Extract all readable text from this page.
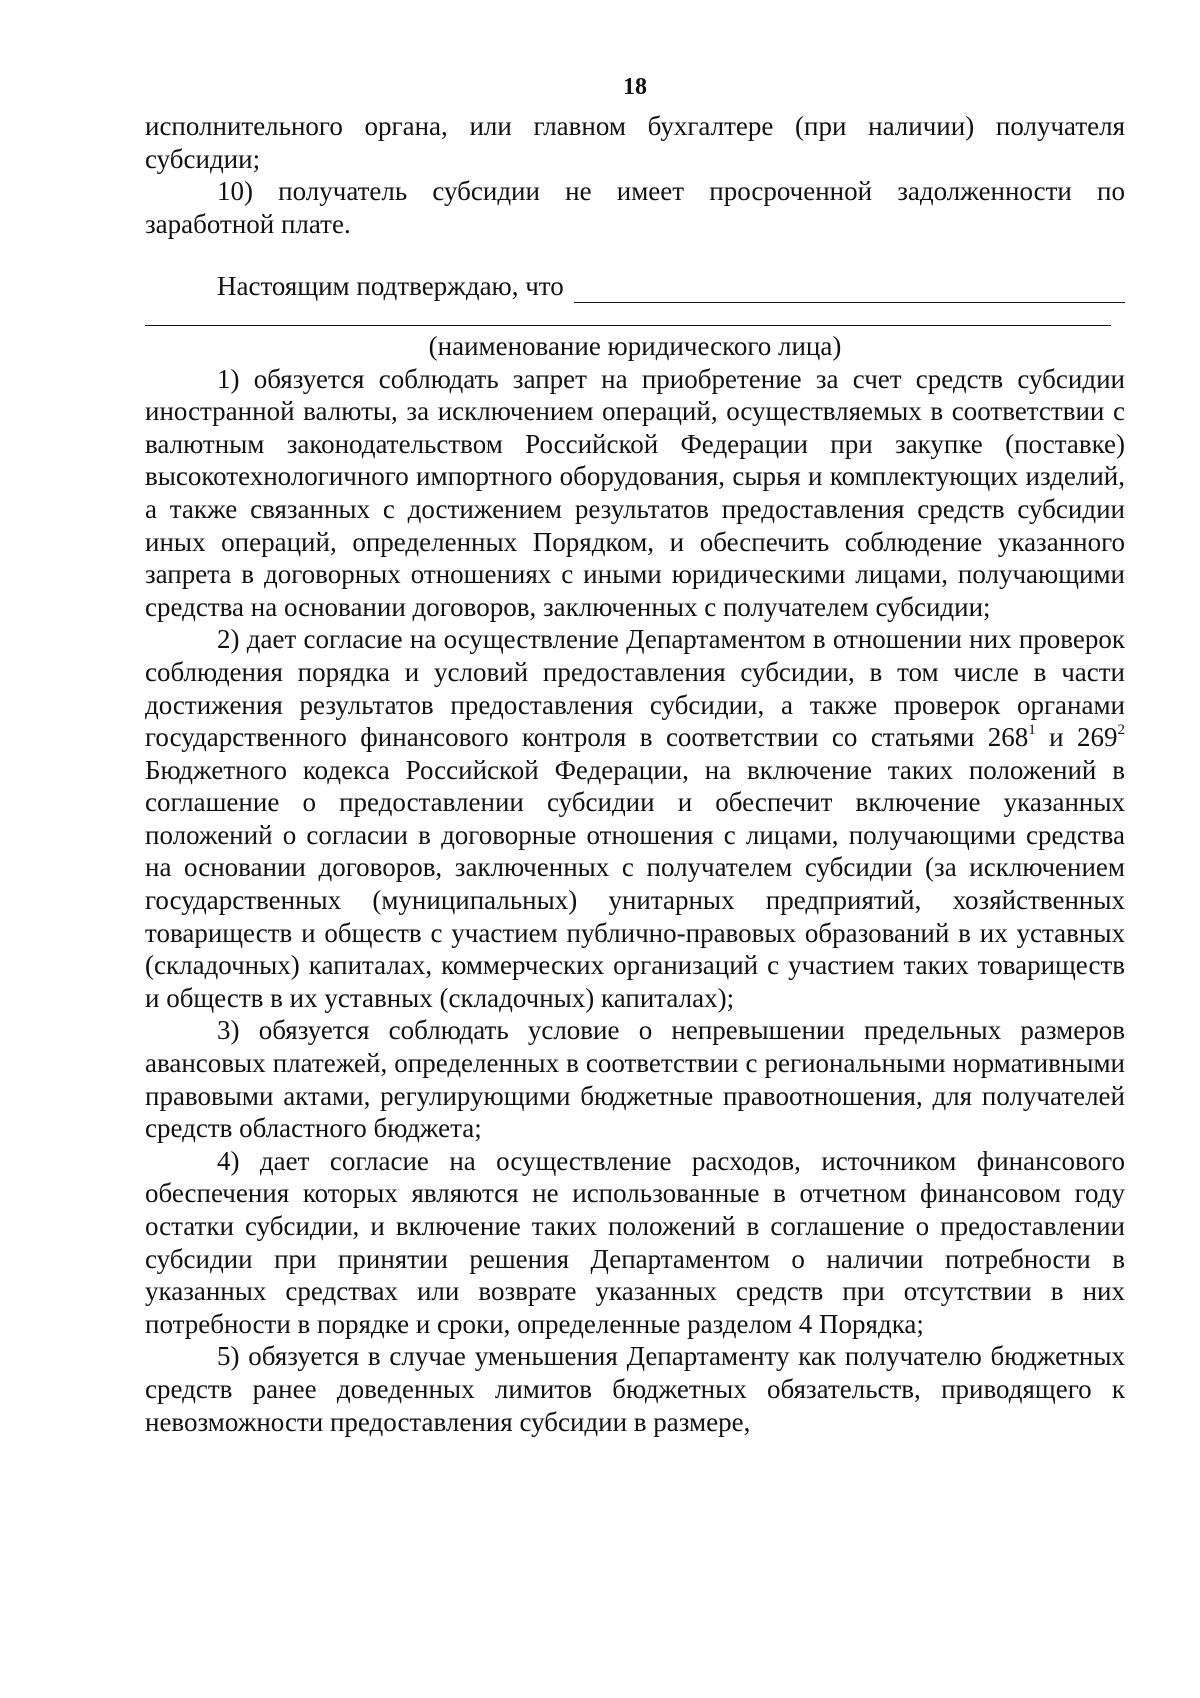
18

исполнительного органа, или главном бухгалтере (при наличии) получателя субсидии;

10) получатель субсидии не имеет просроченной задолженности по заработной плате.

Настоящим подтверждаю, что

(наименование юридического лица)

1) обязуется соблюдать запрет на приобретение за счет средств субсидии иностранной валюты, за исключением операций, осуществляемых в соответствии с валютным законодательством Российской Федерации при закупке (поставке) высокотехнологичного импортного оборудования, сырья и комплектующих изделий, а также связанных с достижением результатов предоставления средств субсидии иных операций, определенных Порядком, и обеспечить соблюдение указанного запрета в договорных отношениях с иными юридическими лицами, получающими средства на основании договоров, заключенных с получателем субсидии;

2) дает согласие на осуществление Департаментом в отношении них проверок соблюдения порядка и условий предоставления субсидии, в том числе в части достижения результатов предоставления субсидии, а также проверок органами государственного финансового контроля в соответствии со статьями $268^1$ и $269^2$ Бюджетного кодекса Российской Федерации, на включение таких положений в соглашение о предоставлении субсидии и обеспечит включение указанных положений о согласии в договорные отношения с лицами, получающими средства на основании договоров, заключенных с получателем субсидии (за исключением государственных (муниципальных) унитарных предприятий, хозяйственных товариществ и обществ с участием публично-правовых образований в их уставных (складочных) капиталах, коммерческих организаций с участием таких товариществ и обществ в их уставных (складочных) капиталах);

3) обязуется соблюдать условие о непревышении предельных размеров авансовых платежей, определенных в соответствии с региональными нормативными правовыми актами, регулирующими бюджетные правоотношения, для получателей средств областного бюджета;

4) дает согласие на осуществление расходов, источником финансового обеспечения которых являются не использованные в отчетном финансовом году остатки субсидии, и включение таких положений в соглашение о предоставлении субсидии при принятии решения Департаментом о наличии потребности в указанных средствах или возврате указанных средств при отсутствии в них потребности в порядке и сроки, определенные разделом 4 Порядка;

5) обязуется в случае уменьшения Департаменту как получателю бюджетных средств ранее доведенных лимитов бюджетных обязательств, приводящего к невозможности предоставления субсидии в размере,
